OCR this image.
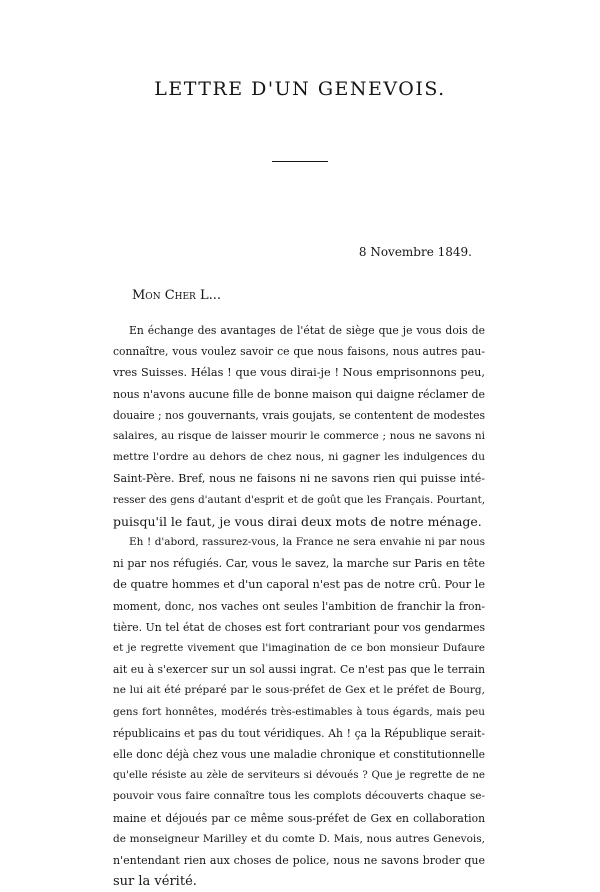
LETTRE D'UN GENEVOIS.
8 Novembre 1849.
Mon Cher L...

En échange des avantages de l'état de siège que je vous dois de
connaître, vous voulez savoir ce que nous faisons, nous autres pau-
vres Suisses. Hélas ! que vous dirai-je ! Nous emprisonnons peu,
nous n'avons aucune fille de bonne maison qui daigne réclamer de
douaire ; nos gouvernants, vrais goujats, se contentent de modestes
salaires, au risque de laisser mourir le commerce ; nous ne savons ni
mettre l'ordre au dehors de chez nous, ni gagner les indulgences du
Saint-Père. Bref, nous ne faisons ni ne savons rien qui puisse inté-
resser des gens d'autant d'esprit et de goût que les Français. Pourtant,
puisqu'il le faut, je vous dirai deux mots de notre ménage.

Eh ! d'abord, rassurez-vous, la France ne sera envahie ni par nous
ni par nos réfugiés. Car, vous le savez, la marche sur Paris en tête
de quatre hommes et d'un caporal n'est pas de notre crû. Pour le
moment, donc, nos vaches ont seules l'ambition de franchir la fron-
tière. Un tel état de choses est fort contrariant pour vos gendarmes
et je regrette vivement que l'imagination de ce bon monsieur Dufaure
ait eu à s'exercer sur un sol aussi ingrat. Ce n'est pas que le terrain
ne lui ait été préparé par le sous-préfet de Gex et le préfet de Bourg,
gens fort honnêtes, modérés très-estimables à tous égards, mais peu
républicains et pas du tout véridiques. Ah ! ça la République serait-
elle donc déjà chez vous une maladie chronique et constitutionnelle
qu'elle résiste au zèle de serviteurs si dévoués ? Que je regrette de ne
pouvoir vous faire connaître tous les complots découverts chaque se-
maine et déjoués par ce même sous-préfet de Gex en collaboration
de monseigneur Marilley et du comte D. Mais, nous autres Genevois,
n'entendant rien aux choses de police, nous ne savons broder que
sur la vérité.
